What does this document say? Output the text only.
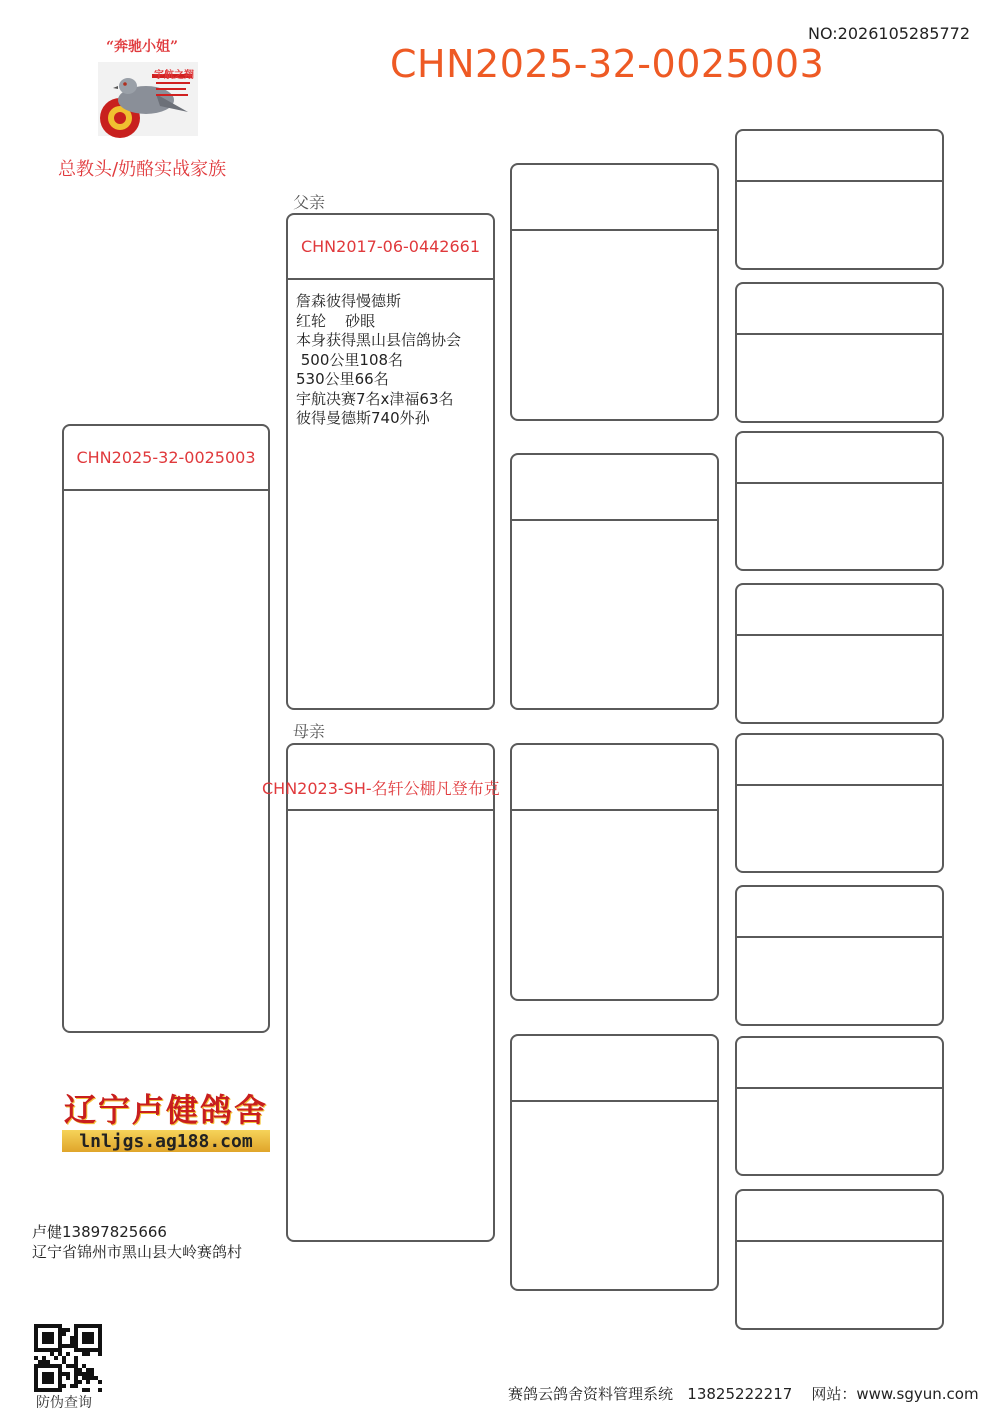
NO:2026105285772
CHN2025-32-0025003
“奔驰小姐”
宇航之翔
总教头/奶酪实战家族
CHN2025-32-0025003
父亲
CHN2017-06-0442661
詹森彼得慢德斯
红轮    砂眼
本身获得黑山县信鸽协会
500公里108名
530公里66名
宇航决赛7名x津福63名
彼得曼德斯740外孙
母亲
CHN2023-SH-名轩公棚凡登布克
辽宁卢健鸽舍
lnljgs.ag188.com
卢健13897825666
辽宁省锦州市黑山县大岭赛鸽村
防伪查询	赛鸽云鸽舍资料管理系统   13825222217    网站：www.sgyun.com
